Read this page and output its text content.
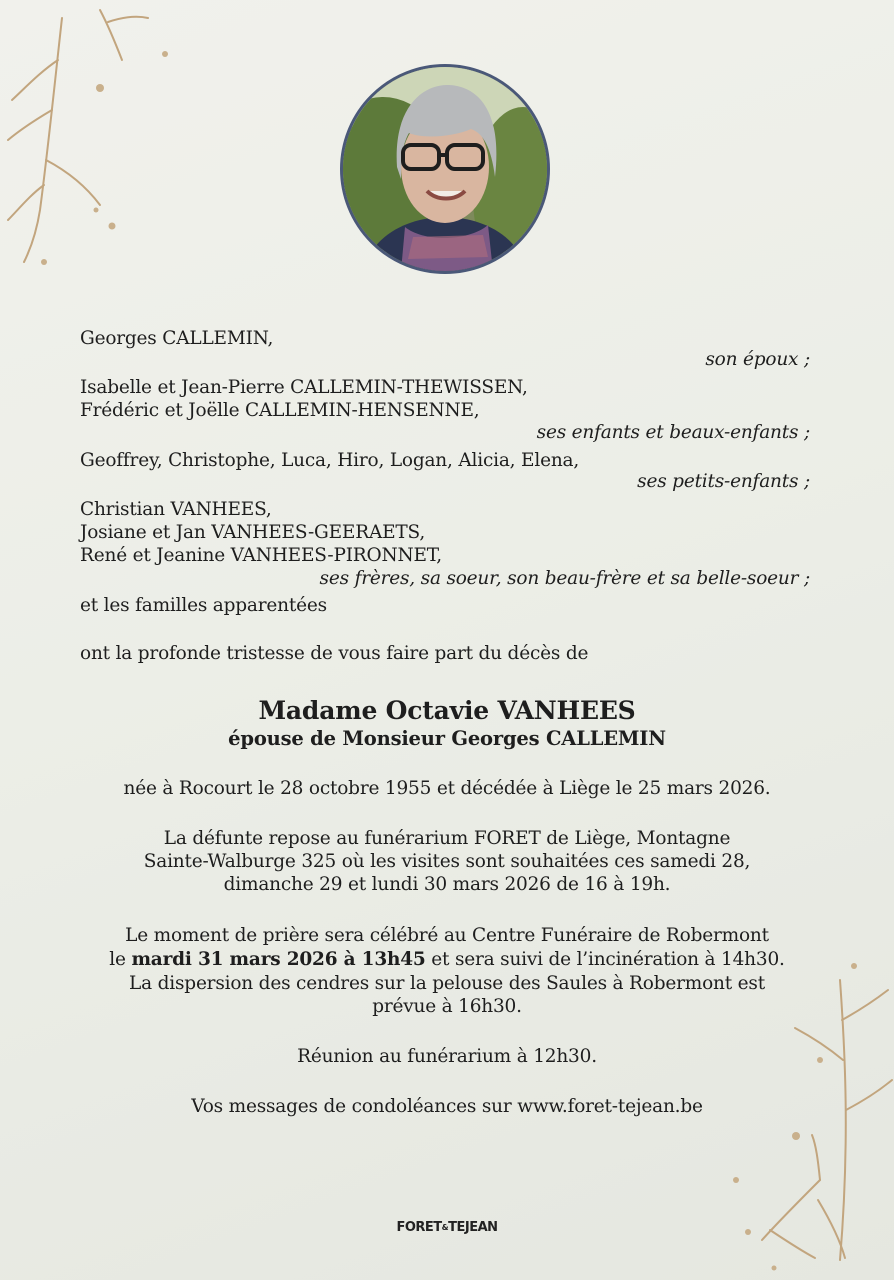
Georges CALLEMIN,
son époux ;
Isabelle et Jean-Pierre CALLEMIN-THEWISSEN,
Frédéric et Joëlle CALLEMIN-HENSENNE,
ses enfants et beaux-enfants ;
Geoffrey, Christophe, Luca, Hiro, Logan, Alicia, Elena,
ses petits-enfants ;
Christian VANHEES,
Josiane et Jan VANHEES-GEERAETS,
René et Jeanine VANHEES-PIRONNET,
ses frères, sa soeur, son beau-frère et sa belle-soeur ;
et les familles apparentées
ont la profonde tristesse de vous faire part du décès de
Madame Octavie VANHEES
épouse de Monsieur Georges CALLEMIN
née à Rocourt le 28 octobre 1955 et décédée à Liège le 25 mars 2026.
La défunte repose au funérarium FORET de Liège, Montagne
Sainte-Walburge 325 où les visites sont souhaitées ces samedi 28,
dimanche 29 et lundi 30 mars 2026 de 16 à 19h.
Le moment de prière sera célébré au Centre Funéraire de Robermont
le mardi 31 mars 2026 à 13h45 et sera suivi de l’incinération à 14h30.
La dispersion des cendres sur la pelouse des Saules à Robermont est
prévue à 16h30.
Réunion au funérarium à 12h30.
Vos messages de condoléances sur www.foret-tejean.be
FORET&TEJEAN
